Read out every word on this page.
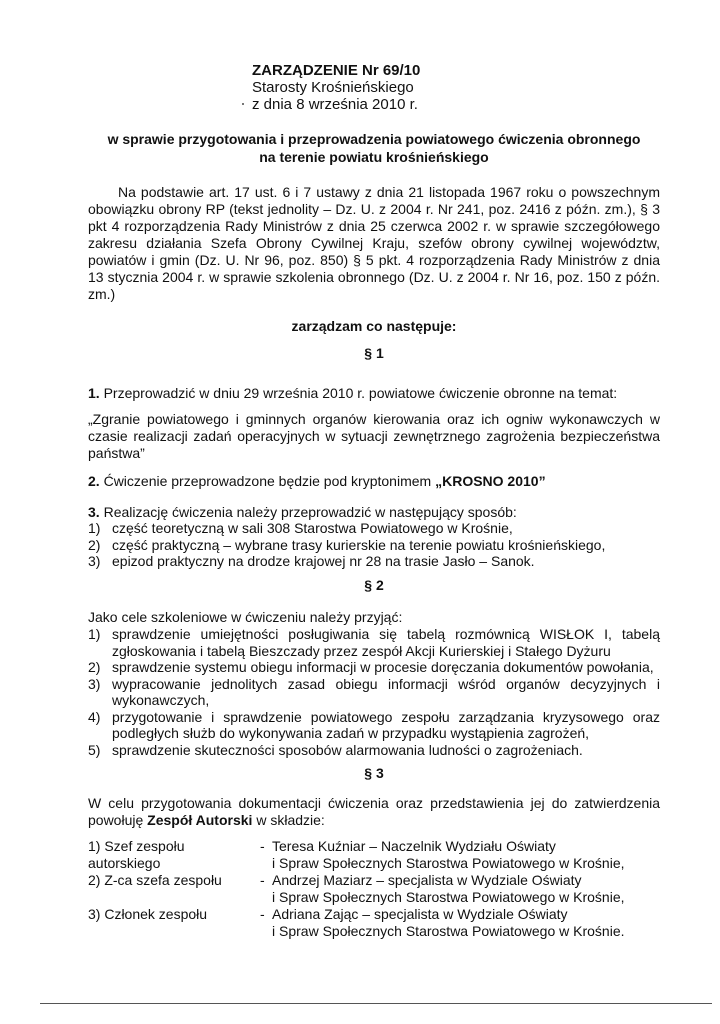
ZARZĄDZENIE Nr 69/10
Starosty Krośnieńskiego
z dnia 8 września 2010 r.
w sprawie przygotowania i przeprowadzenia powiatowego ćwiczenia obronnego
na terenie powiatu krośnieńskiego
Na podstawie art. 17 ust. 6 i 7 ustawy z dnia 21 listopada 1967 roku o powszechnym obowiązku obrony RP (tekst jednolity – Dz. U. z 2004 r. Nr 241, poz. 2416 z późn. zm.), § 3 pkt 4 rozporządzenia Rady Ministrów z dnia 25 czerwca 2002 r. w sprawie szczegółowego zakresu działania Szefa Obrony Cywilnej Kraju, szefów obrony cywilnej województw, powiatów i gmin (Dz. U. Nr 96, poz. 850) § 5 pkt. 4 rozporządzenia Rady Ministrów z dnia 13 stycznia 2004 r. w sprawie szkolenia obronnego (Dz. U. z 2004 r. Nr 16, poz. 150 z późn. zm.)
zarządzam co następuje:
§ 1
1. Przeprowadzić w dniu 29 września 2010 r. powiatowe ćwiczenie obronne na temat:
„Zgranie powiatowego i gminnych organów kierowania oraz ich ogniw wykonawczych w czasie realizacji zadań operacyjnych w sytuacji zewnętrznego zagrożenia bezpieczeństwa państwa”
2. Ćwiczenie przeprowadzone będzie pod kryptonimem „KROSNO 2010”
3. Realizację ćwiczenia należy przeprowadzić w następujący sposób:
1) część teoretyczną w sali 308 Starostwa Powiatowego w Krośnie,
2) część praktyczną – wybrane trasy kurierskie na terenie powiatu krośnieńskiego,
3) epizod praktyczny na drodze krajowej nr 28 na trasie Jasło – Sanok.
§ 2
Jako cele szkoleniowe w ćwiczeniu należy przyjąć:
1) sprawdzenie umiejętności posługiwania się tabelą rozmównicą WISŁOK I, tabelą zgłoskowania i tabelą Bieszczady przez zespół Akcji Kurierskiej i Stałego Dyżuru
2) sprawdzenie systemu obiegu informacji w procesie doręczania dokumentów powołania,
3) wypracowanie jednolitych zasad obiegu informacji wśród organów decyzyjnych i wykonawczych,
4) przygotowanie i sprawdzenie powiatowego zespołu zarządzania kryzysowego oraz podległych służb do wykonywania zadań w przypadku wystąpienia zagrożeń,
5) sprawdzenie skuteczności sposobów alarmowania ludności o zagrożeniach.
§ 3
W celu przygotowania dokumentacji ćwiczenia oraz przedstawienia jej do zatwierdzenia powołuję Zespół Autorski w składzie:
1) Szef zespołu autorskiego
- Teresa Kuźniar – Naczelnik Wydziału Oświaty
i Spraw Społecznych Starostwa Powiatowego w Krośnie,
2) Z-ca szefa zespołu	- Andrzej Maziarz – specjalista w Wydziale Oświaty
i Spraw Społecznych Starostwa Powiatowego w Krośnie,
3) Członek zespołu	- Adriana Zając – specjalista w Wydziale Oświaty
i Spraw Społecznych Starostwa Powiatowego w Krośnie.
